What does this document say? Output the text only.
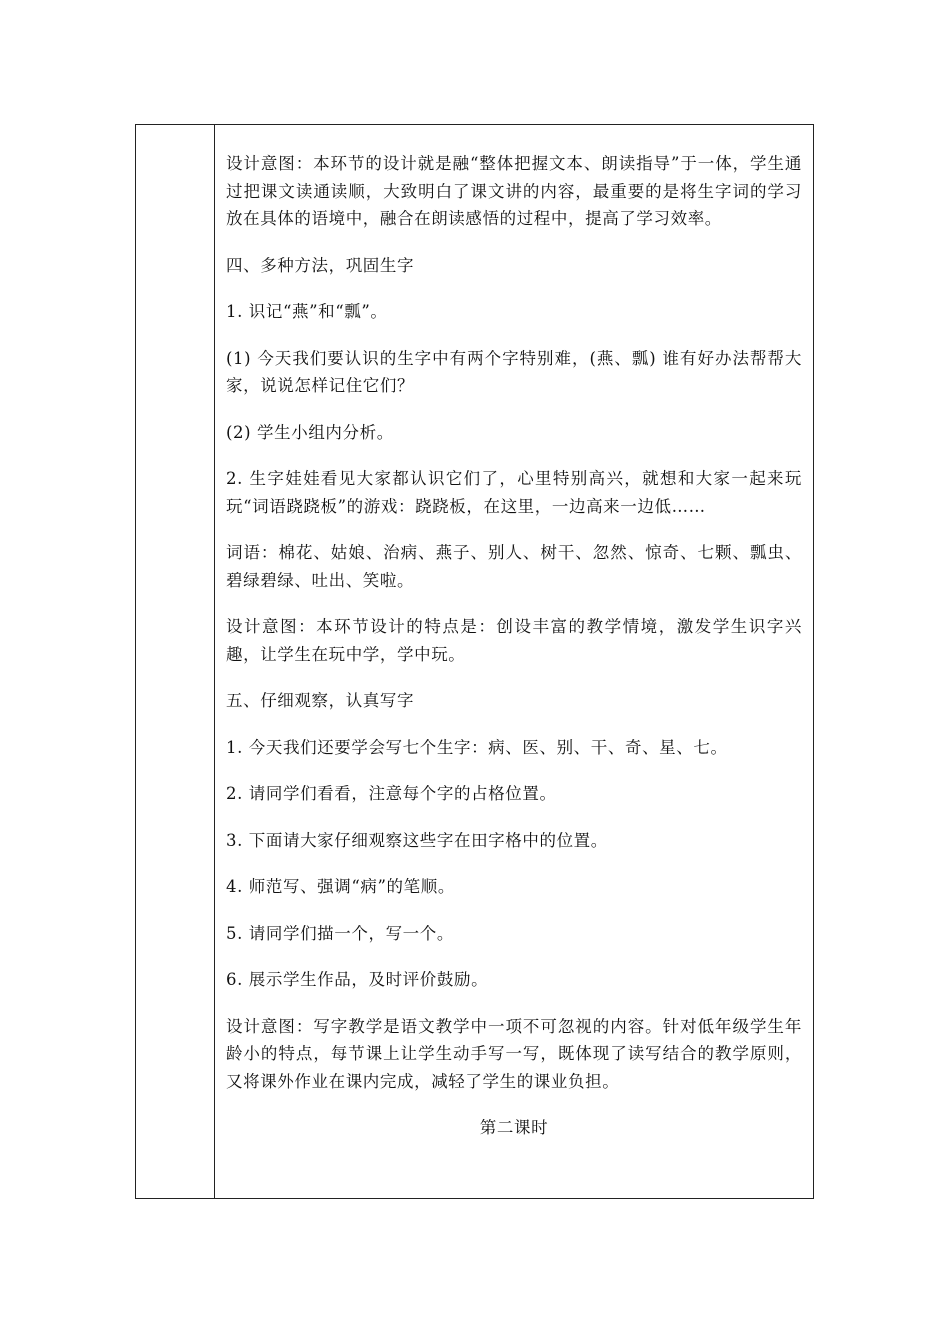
设计意图：本环节的设计就是融“整体把握文本、朗读指导”于一体，学生通过把课文读通读顺，大致明白了课文讲的内容，最重要的是将生字词的学习放在具体的语境中，融合在朗读感悟的过程中，提高了学习效率。

四、多种方法，巩固生字

1. 识记“燕”和“瓢”。

(1) 今天我们要认识的生字中有两个字特别难，(燕、瓢) 谁有好办法帮帮大家，说说怎样记住它们？

(2) 学生小组内分析。

2. 生字娃娃看见大家都认识它们了，心里特别高兴，就想和大家一起来玩玩“词语跷跷板”的游戏：跷跷板，在这里，一边高来一边低……

词语：棉花、姑娘、治病、燕子、别人、树干、忽然、惊奇、七颗、瓢虫、碧绿碧绿、吐出、笑啦。

设计意图：本环节设计的特点是：创设丰富的教学情境，激发学生识字兴趣，让学生在玩中学，学中玩。

五、仔细观察，认真写字

1. 今天我们还要学会写七个生字：病、医、别、干、奇、星、七。

2. 请同学们看看，注意每个字的占格位置。

3. 下面请大家仔细观察这些字在田字格中的位置。

4. 师范写、强调“病”的笔顺。

5. 请同学们描一个，写一个。

6. 展示学生作品，及时评价鼓励。

设计意图：写字教学是语文教学中一项不可忽视的内容。针对低年级学生年龄小的特点，每节课上让学生动手写一写，既体现了读写结合的教学原则，又将课外作业在课内完成，减轻了学生的课业负担。

第二课时
